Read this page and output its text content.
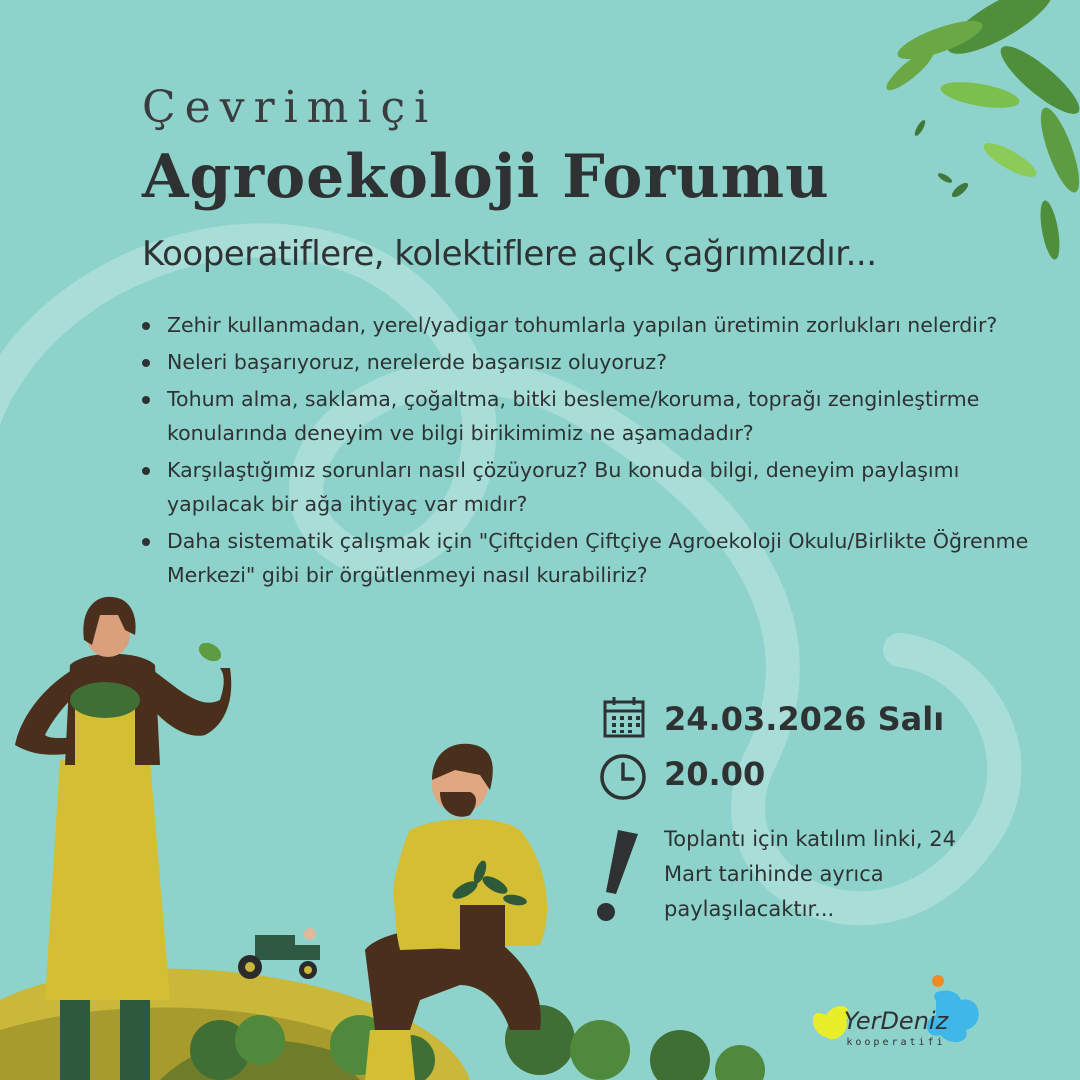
Çevrimiçi
Agroekoloji Forumu
Kooperatiflere, kolektiflere açık çağrımızdır...
Zehir kullanmadan, yerel/yadigar tohumlarla yapılan üretimin zorlukları nelerdir?
Neleri başarıyoruz, nerelerde başarısız oluyoruz?
Tohum alma, saklama, çoğaltma, bitki besleme/koruma, toprağı zenginleştirme konularında deneyim ve bilgi birikimimiz ne aşamadadır?
Karşılaştığımız sorunları nasıl çözüyoruz? Bu konuda bilgi, deneyim paylaşımı yapılacak bir ağa ihtiyaç var mıdır?
Daha sistematik çalışmak için "Çiftçiden Çiftçiye Agroekoloji Okulu/Birlikte Öğrenme Merkezi" gibi bir örgütlenmeyi nasıl kurabiliriz?
24.03.2026 Salı
20.00
Toplantı için katılım linki, 24 Mart tarihinde ayrıca paylaşılacaktır...
YerDeniz
kooperatifi
